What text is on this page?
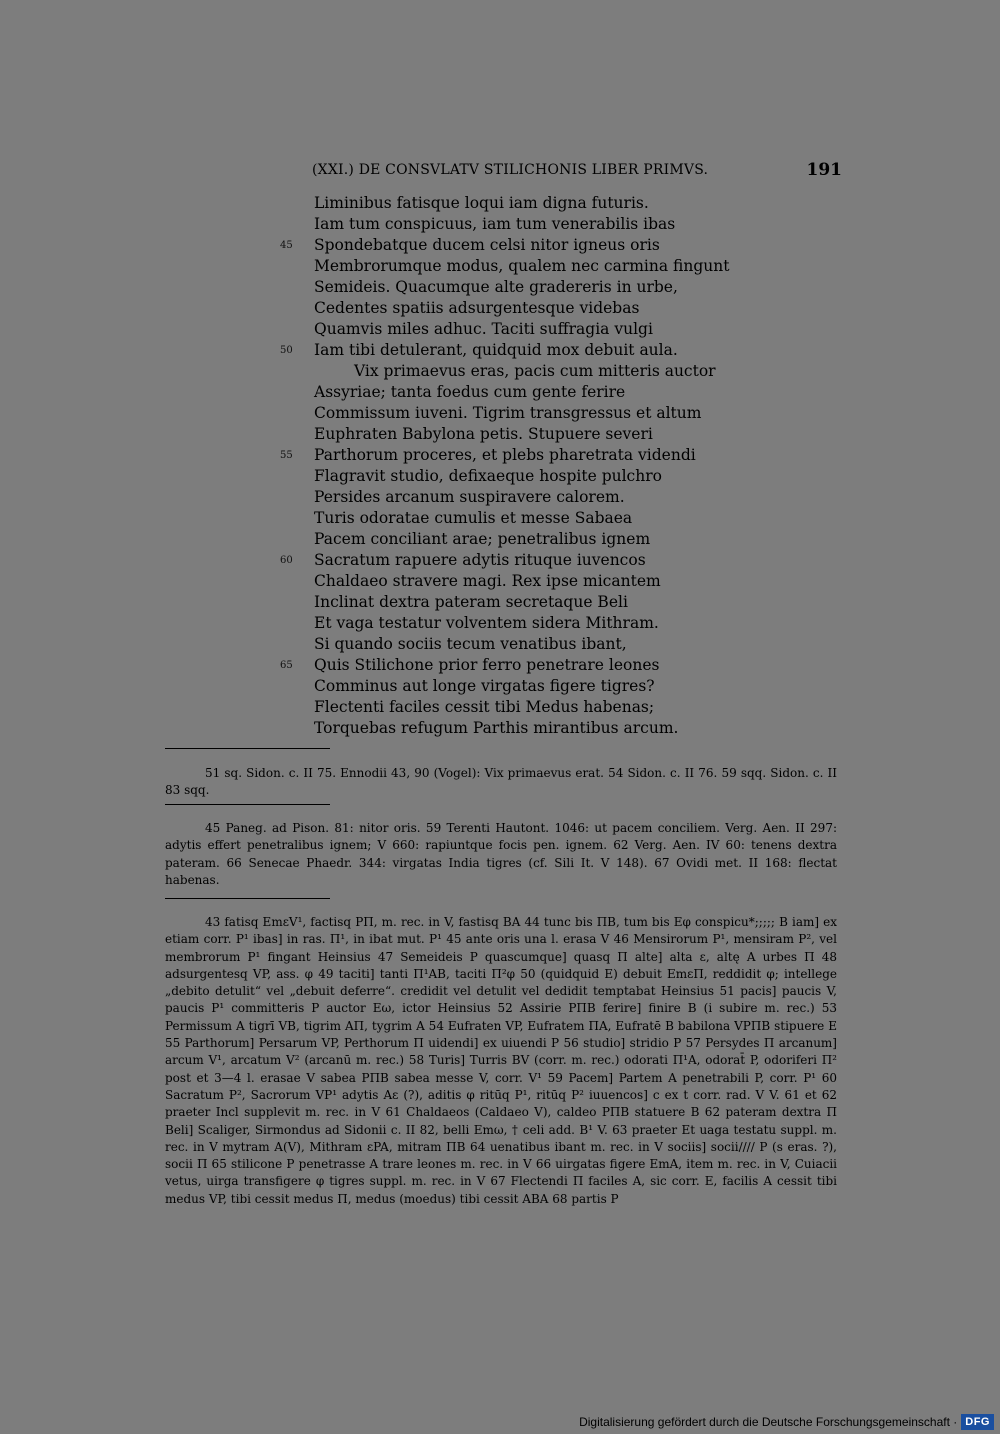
(XXI.) DE CONSVLATV STILICHONIS LIBER PRIMVS.	191
Liminibus fatisque loqui iam digna futuris.
Iam tum conspicuus, iam tum venerabilis ibas
45	Spondebatque ducem celsi nitor igneus oris
Membrorumque modus, qualem nec carmina fingunt
Semideis. Quacumque alte gradereris in urbe,
Cedentes spatiis adsurgentesque videbas
Quamvis miles adhuc. Taciti suffragia vulgi
50	Iam tibi detulerant, quidquid mox debuit aula.
Vix primaevus eras, pacis cum mitteris auctor
Assyriae; tanta foedus cum gente ferire
Commissum iuveni. Tigrim transgressus et altum
Euphraten Babylona petis. Stupuere severi
55	Parthorum proceres, et plebs pharetrata videndi
Flagravit studio, defixaeque hospite pulchro
Persides arcanum suspiravere calorem.
Turis odoratae cumulis et messe Sabaea
Pacem conciliant arae; penetralibus ignem
60	Sacratum rapuere adytis rituque iuvencos
Chaldaeo stravere magi. Rex ipse micantem
Inclinat dextra pateram secretaque Beli
Et vaga testatur volventem sidera Mithram.
Si quando sociis tecum venatibus ibant,
65	Quis Stilichone prior ferro penetrare leones
Comminus aut longe virgatas figere tigres?
Flectenti faciles cessit tibi Medus habenas;
Torquebas refugum Parthis mirantibus arcum.

51 sq. Sidon. c. II 75. Ennodii 43, 90 (Vogel): Vix primaevus erat. 54 Sidon. c. II 76. 59 sqq. Sidon. c. II 83 sqq.

45 Paneg. ad Pison. 81: nitor oris. 59 Terenti Hautont. 1046: ut pacem conciliem. Verg. Aen. II 297: adytis effert penetralibus ignem; V 660: rapiuntque focis pen. ignem. 62 Verg. Aen. IV 60: tenens dextra pateram. 66 Senecae Phaedr. 344: virgatas India tigres (cf. Sili It. V 148). 67 Ovidi met. II 168: flectat habenas.

43 fatisq EmεV¹, factisq PΠ, m. rec. in V, fastisq BA 44 tunc bis ΠB, tum bis Eφ conspicu*;;;;; B iam] ex etiam corr. P¹ ibas] in ras. Π¹, in ibat mut. P¹ 45 ante oris una l. erasa V 46 Mensirorum P¹, mensiram P², vel membrorum P¹ fingant Heinsius 47 Semeideis P quascumque] quasq Π alte] alta ε, altę A urbes Π 48 adsurgentesq VP, ass. φ 49 taciti] tanti Π¹AB, taciti Π²φ 50 (quidquid E) debuit EmεΠ, reddidit φ; intellege „debito detulit“ vel „debuit deferre“. credidit vel detulit vel dedidit temptabat Heinsius 51 pacis] paucis V, paucis P¹ committeris P auctor Eω, ictor Heinsius 52 Assirie PΠB ferire] finire B (i subire m. rec.) 53 Permissum A tigrī VB, tigrim AΠ, tygrim A 54 Eufraten VP, Eufratem ΠA, Eufratē B babilona VPΠB stipuere E 55 Parthorum] Persarum VP, Perthorum Π uidendi] ex uiuendi P 56 studio] stridio P 57 Persydes Π arcanum] arcum V¹, arcatum V² (arcanū m. rec.) 58 Turis] Turris BV (corr. m. rec.) odorati Π¹A, odorat̄ P, odoriferi Π² post et 3—4 l. erasae V sabea PΠB sabea messe V, corr. V¹ 59 Pacem] Partem A penetrabili P, corr. P¹ 60 Sacratum P², Sacrorum VP¹ adytis Aε (?), aditis φ ritūq P¹, ritūq P² iuuencos] c ex t corr. rad. V V. 61 et 62 praeter Incl supplevit m. rec. in V 61 Chaldaeos (Caldaeo V), caldeo PΠB statuere B 62 pateram dextra Π Beli] Scaliger, Sirmondus ad Sidonii c. II 82, belli Emω, † celi add. B¹ V. 63 praeter Et uaga testatu suppl. m. rec. in V mytram A(V), Mithram εPA, mitram ΠB 64 uenatibus ibant m. rec. in V sociis] socii//// P (s eras. ?), socii Π 65 stilicone P penetrasse A trare leones m. rec. in V 66 uirgatas figere EmA, item m. rec. in V, Cuiacii vetus, uirga transfigere φ tigres suppl. m. rec. in V 67 Flectendi Π faciles A, sic corr. E, facilis A cessit tibi medus VP, tibi cessit medus Π, medus (moedus) tibi cessit ABA 68 partis P

Digitalisierung gefördert durch die Deutsche Forschungsgemeinschaft · DFG
